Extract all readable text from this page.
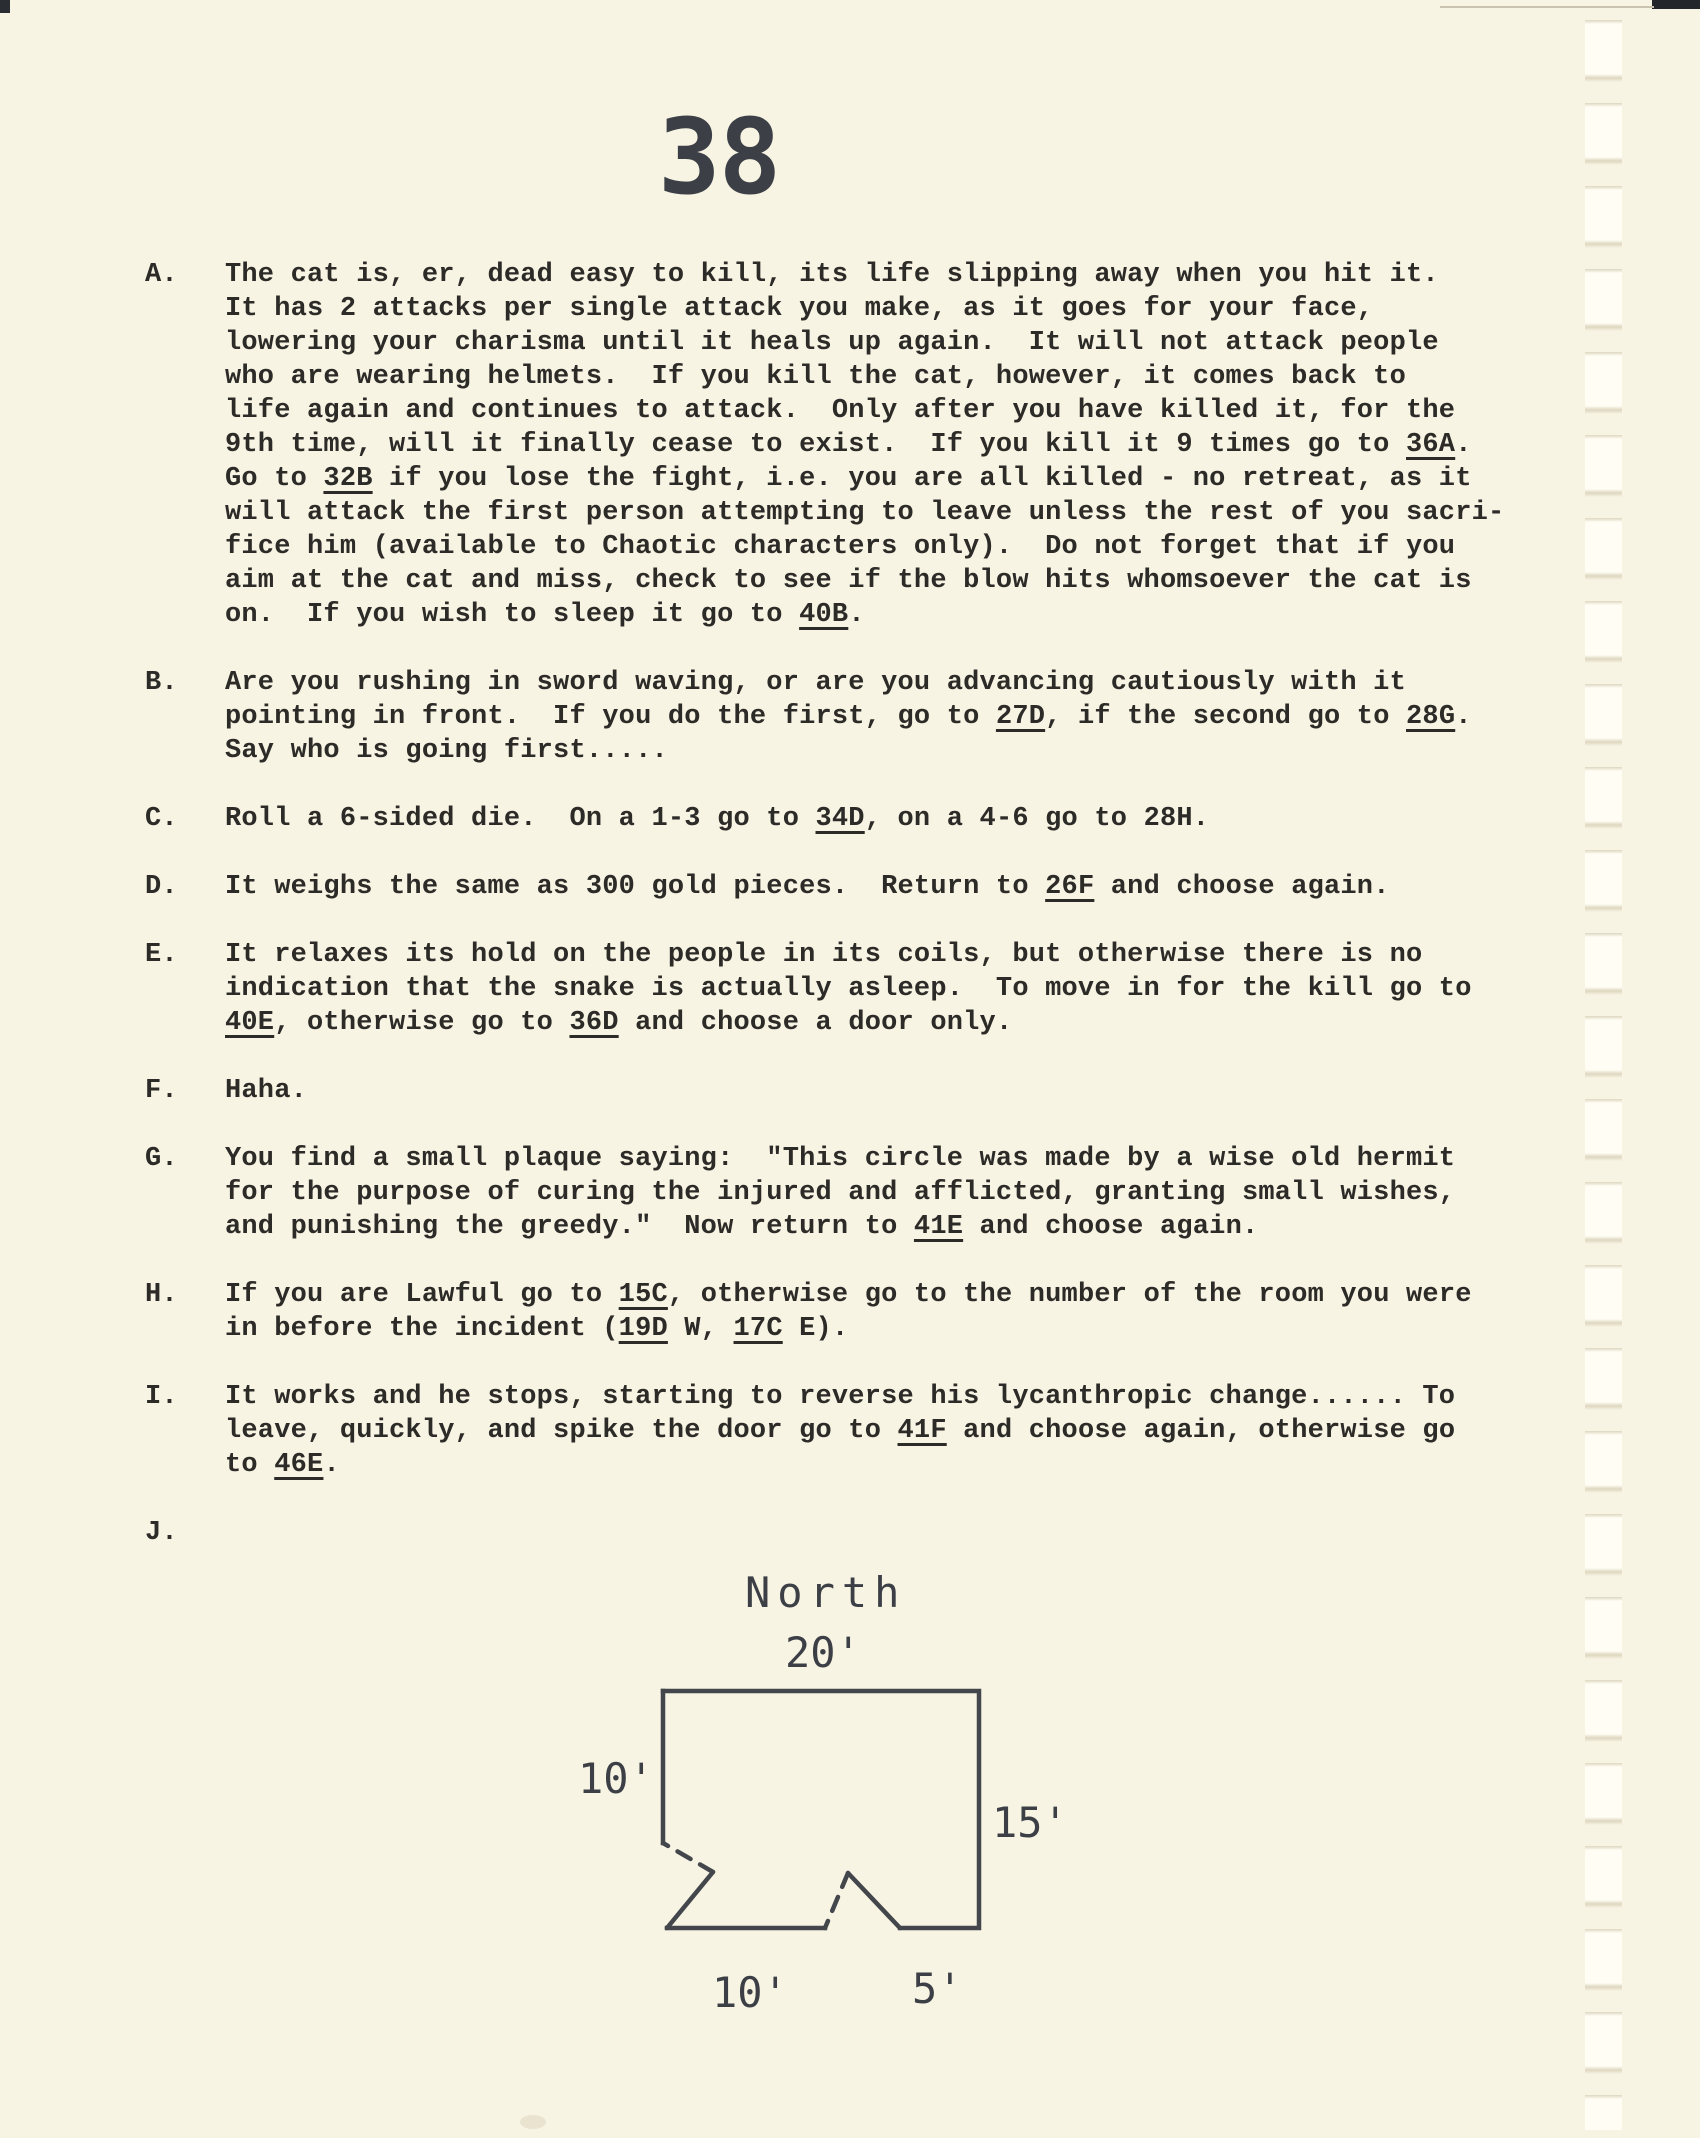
38
A.	The cat is, er, dead easy to kill, its life slipping away when you hit it.
It has 2 attacks per single attack you make, as it goes for your face,
lowering your charisma until it heals up again.  It will not attack people
who are wearing helmets.  If you kill the cat, however, it comes back to
life again and continues to attack.  Only after you have killed it, for the
9th time, will it finally cease to exist.  If you kill it 9 times go to 36A.
Go to 32B if you lose the fight, i.e. you are all killed - no retreat, as it
will attack the first person attempting to leave unless the rest of you sacri-
fice him (available to Chaotic characters only).  Do not forget that if you
aim at the cat and miss, check to see if the blow hits whomsoever the cat is
on.  If you wish to sleep it go to 40B.
B.	Are you rushing in sword waving, or are you advancing cautiously with it
pointing in front.  If you do the first, go to 27D, if the second go to 28G.
Say who is going first.....
C.	Roll a 6-sided die.  On a 1-3 go to 34D, on a 4-6 go to 28H.
D.	It weighs the same as 300 gold pieces.  Return to 26F and choose again.
E.	It relaxes its hold on the people in its coils, but otherwise there is no
indication that the snake is actually asleep.  To move in for the kill go to
40E, otherwise go to 36D and choose a door only.
F.	Haha.
G.	You find a small plaque saying:  "This circle was made by a wise old hermit
for the purpose of curing the injured and afflicted, granting small wishes,
and punishing the greedy."  Now return to 41E and choose again.
H.	If you are Lawful go to 15C, otherwise go to the number of the room you were
in before the incident (19D W, 17C E).
I.	It works and he stops, starting to reverse his lycanthropic change...... To
leave, quickly, and spike the door go to 41F and choose again, otherwise go
to 46E.
J.
North
20'
10'
15'
10'	5'
